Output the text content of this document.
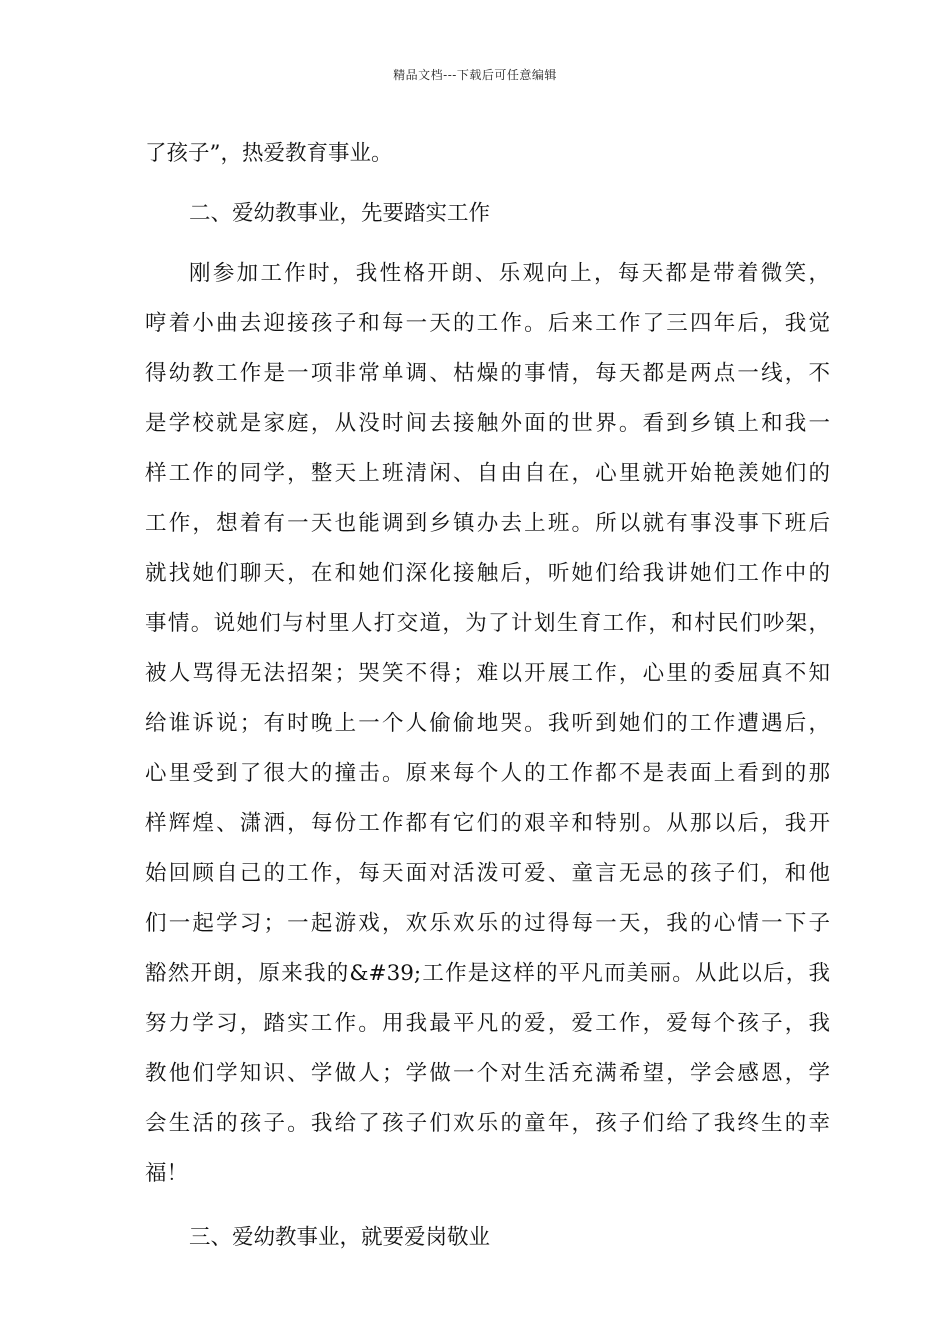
精品文档---下载后可任意编辑
了孩子”，热爱教育事业。
二、爱幼教事业，先要踏实工作
刚参加工作时，我性格开朗、乐观向上，每天都是带着微笑，
哼着小曲去迎接孩子和每一天的工作。后来工作了三四年后，我觉
得幼教工作是一项非常单调、枯燥的事情，每天都是两点一线，不
是学校就是家庭，从没时间去接触外面的世界。看到乡镇上和我一
样工作的同学，整天上班清闲、自由自在，心里就开始艳羡她们的
工作，想着有一天也能调到乡镇办去上班。所以就有事没事下班后
就找她们聊天，在和她们深化接触后，听她们给我讲她们工作中的
事情。说她们与村里人打交道，为了计划生育工作，和村民们吵架，
被人骂得无法招架；哭笑不得；难以开展工作，心里的委屈真不知
给谁诉说；有时晚上一个人偷偷地哭。我听到她们的工作遭遇后，
心里受到了很大的撞击。原来每个人的工作都不是表面上看到的那
样辉煌、潇洒，每份工作都有它们的艰辛和特别。从那以后，我开
始回顾自己的工作，每天面对活泼可爱、童言无忌的孩子们，和他
们一起学习；一起游戏，欢乐欢乐的过得每一天，我的心情一下子
豁然开朗，原来我的&#39;工作是这样的平凡而美丽。从此以后，我
努力学习，踏实工作。用我最平凡的爱，爱工作，爱每个孩子，我
教他们学知识、学做人；学做一个对生活充满希望，学会感恩，学
会生活的孩子。我给了孩子们欢乐的童年，孩子们给了我终生的幸
福！
三、爱幼教事业，就要爱岗敬业
